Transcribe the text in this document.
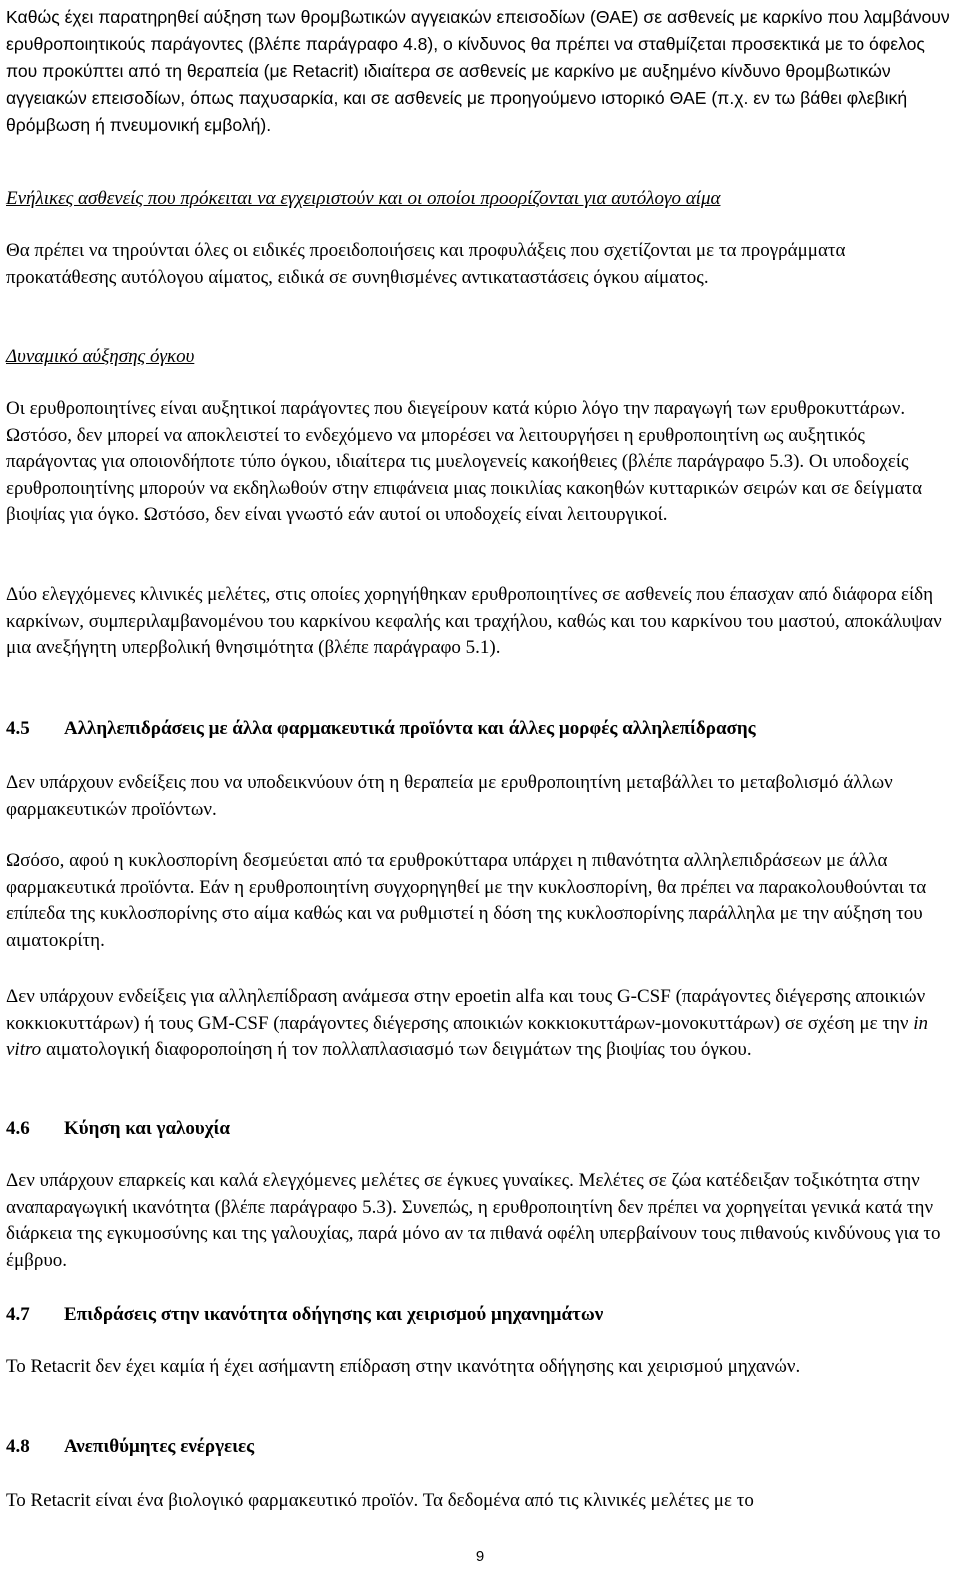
Καθώς έχει παρατηρηθεί αύξηση των θρομβωτικών αγγειακών επεισοδίων (ΘΑΕ) σε ασθενείς με καρκίνο που λαμβάνουν ερυθροποιητικούς παράγοντες (βλέπε παράγραφο 4.8), ο κίνδυνος θα πρέπει να σταθμίζεται προσεκτικά με το όφελος που προκύπτει από τη θεραπεία (με Retacrit) ιδιαίτερα σε ασθενείς με καρκίνο με αυξημένο κίνδυνο θρομβωτικών αγγειακών επεισοδίων, όπως παχυσαρκία, και σε ασθενείς με προηγούμενο ιστορικό ΘΑΕ (π.χ. εν τω βάθει φλεβική θρόμβωση ή πνευμονική εμβολή).

Ενήλικες ασθενείς που πρόκειται να εγχειριστούν και οι οποίοι προορίζονται για αυτόλογο αίμα

Θα πρέπει να τηρούνται όλες οι ειδικές προειδοποιήσεις και προφυλάξεις που σχετίζονται με τα προγράμματα προκατάθεσης αυτόλογου αίματος, ειδικά σε συνηθισμένες αντικαταστάσεις όγκου αίματος.

Δυναμικό αύξησης όγκου

Οι ερυθροποιητίνες είναι αυξητικοί παράγοντες που διεγείρουν κατά κύριο λόγο την παραγωγή των ερυθροκυττάρων. Ωστόσο, δεν μπορεί να αποκλειστεί το ενδεχόμενο να μπορέσει να λειτουργήσει η ερυθροποιητίνη ως αυξητικός παράγοντας για οποιονδήποτε τύπο όγκου, ιδιαίτερα τις μυελογενείς κακοήθειες (βλέπε παράγραφο 5.3). Οι υποδοχείς ερυθροποιητίνης μπορούν να εκδηλωθούν στην επιφάνεια μιας ποικιλίας κακοηθών κυτταρικών σειρών και σε δείγματα βιοψίας για όγκο. Ωστόσο, δεν είναι γνωστό εάν αυτοί οι υποδοχείς είναι λειτουργικοί.

Δύο ελεγχόμενες κλινικές μελέτες, στις οποίες χορηγήθηκαν ερυθροποιητίνες σε ασθενείς που έπασχαν από διάφορα είδη καρκίνων, συμπεριλαμβανομένου του καρκίνου κεφαλής και τραχήλου, καθώς και του καρκίνου του μαστού, αποκάλυψαν μια ανεξήγητη υπερβολική θνησιμότητα (βλέπε παράγραφο 5.1).

4.5 Αλληλεπιδράσεις με άλλα φαρμακευτικά προϊόντα και άλλες μορφές αλληλεπίδρασης

Δεν υπάρχουν ενδείξεις που να υποδεικνύουν ότη η θεραπεία με ερυθροποιητίνη μεταβάλλει το μεταβολισμό άλλων φαρμακευτικών προϊόντων.

Ωσόσο, αφού η κυκλοσπορίνη δεσμεύεται από τα ερυθροκύτταρα υπάρχει η πιθανότητα αλληλεπιδράσεων με άλλα φαρμακευτικά προϊόντα. Εάν η ερυθροποιητίνη συγχορηγηθεί με την κυκλοσπορίνη, θα πρέπει να παρακολουθούνται τα επίπεδα της κυκλοσπορίνης στο αίμα καθώς και να ρυθμιστεί η δόση της κυκλοσπορίνης παράλληλα με την αύξηση του αιματοκρίτη.

Δεν υπάρχουν ενδείξεις για αλληλεπίδραση ανάμεσα στην epoetin alfa και τους G-CSF (παράγοντες διέγερσης αποικιών κοκκιοκυττάρων) ή τους GM-CSF (παράγοντες διέγερσης αποικιών κοκκιοκυττάρων-μονοκυττάρων) σε σχέση με την in vitro αιματολογική διαφοροποίηση ή τον πολλαπλασιασμό των δειγμάτων της βιοψίας του όγκου.

4.6 Κύηση και γαλουχία

Δεν υπάρχουν επαρκείς και καλά ελεγχόμενες μελέτες σε έγκυες γυναίκες. Μελέτες σε ζώα κατέδειξαν τοξικότητα στην αναπαραγωγική ικανότητα (βλέπε παράγραφο 5.3). Συνεπώς, η ερυθροποιητίνη δεν πρέπει να χορηγείται γενικά κατά την διάρκεια της εγκυμοσύνης και της γαλουχίας, παρά μόνο αν τα πιθανά οφέλη υπερβαίνουν τους πιθανούς κινδύνους για το έμβρυο.

4.7 Επιδράσεις στην ικανότητα οδήγησης και χειρισμού μηχανημάτων

Το Retacrit δεν έχει καμία ή έχει ασήμαντη επίδραση στην ικανότητα οδήγησης και χειρισμού μηχανών.

4.8 Ανεπιθύμητες ενέργειες

Το Retacrit είναι ένα βιολογικό φαρμακευτικό προϊόν. Τα δεδομένα από τις κλινικές μελέτες με το

9
